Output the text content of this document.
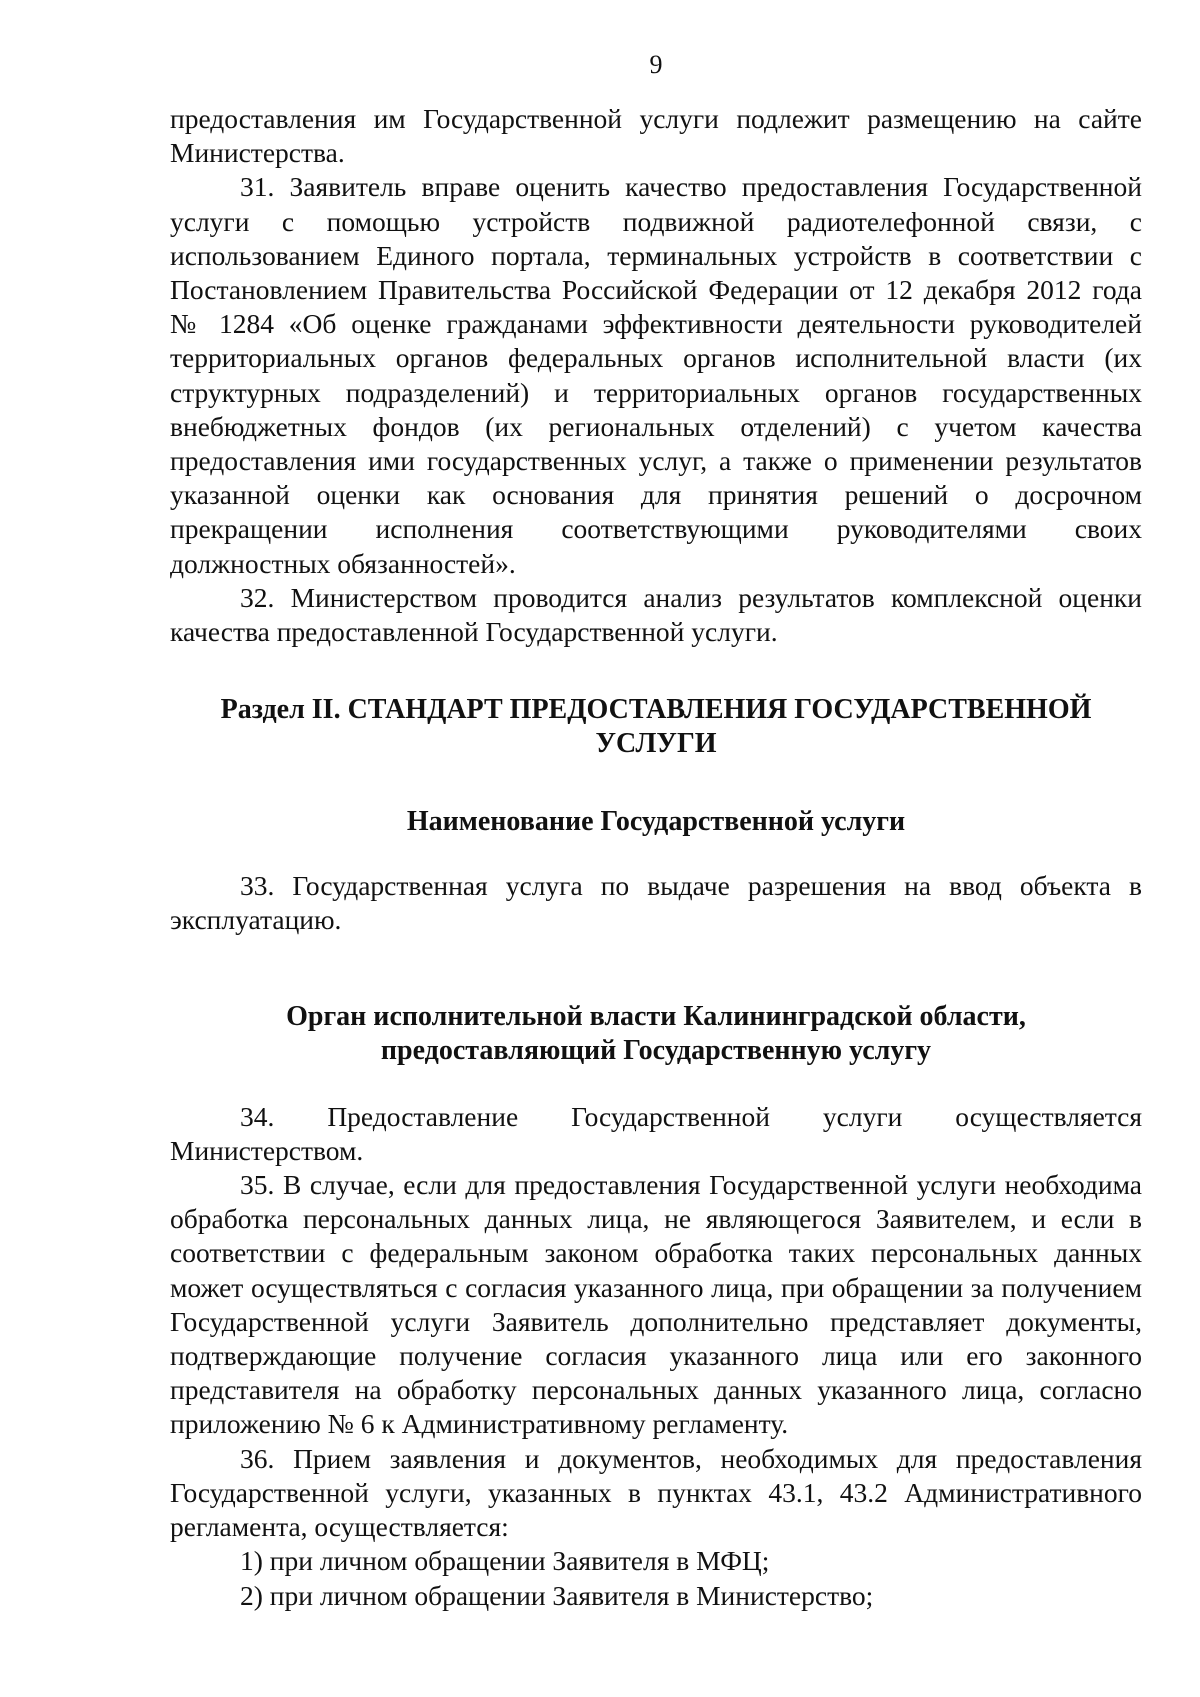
9

предоставления им Государственной услуги подлежит размещению на сайте Министерства.

31. Заявитель вправе оценить качество предоставления Государственной услуги с помощью устройств подвижной радиотелефонной связи, с использованием Единого портала, терминальных устройств в соответствии с Постановлением Правительства Российской Федерации от 12 декабря 2012 года № 1284 «Об оценке гражданами эффективности деятельности руководителей территориальных органов федеральных органов исполнительной власти (их структурных подразделений) и территориальных органов государственных внебюджетных фондов (их региональных отделений) с учетом качества предоставления ими государственных услуг, а также о применении результатов указанной оценки как основания для принятия решений о досрочном прекращении исполнения соответствующими руководителями своих должностных обязанностей».

32. Министерством проводится анализ результатов комплексной оценки качества предоставленной Государственной услуги.

Раздел II. СТАНДАРТ ПРЕДОСТАВЛЕНИЯ ГОСУДАРСТВЕННОЙ
УСЛУГИ
Наименование Государственной услуги

33. Государственная услуга по выдаче разрешения на ввод объекта в эксплуатацию.

Орган исполнительной власти Калининградской области,
предоставляющий Государственную услугу

34. Предоставление Государственной услуги осуществляется Министерством.

35. В случае, если для предоставления Государственной услуги необходима обработка персональных данных лица, не являющегося Заявителем, и если в соответствии с федеральным законом обработка таких персональных данных может осуществляться с согласия указанного лица, при обращении за получением Государственной услуги Заявитель дополнительно представляет документы, подтверждающие получение согласия указанного лица или его законного представителя на обработку персональных данных указанного лица, согласно приложению № 6 к Административному регламенту.

36. Прием заявления и документов, необходимых для предоставления Государственной услуги, указанных в пунктах 43.1, 43.2 Административного регламента, осуществляется:

1) при личном обращении Заявителя в МФЦ;

2) при личном обращении Заявителя в Министерство;
